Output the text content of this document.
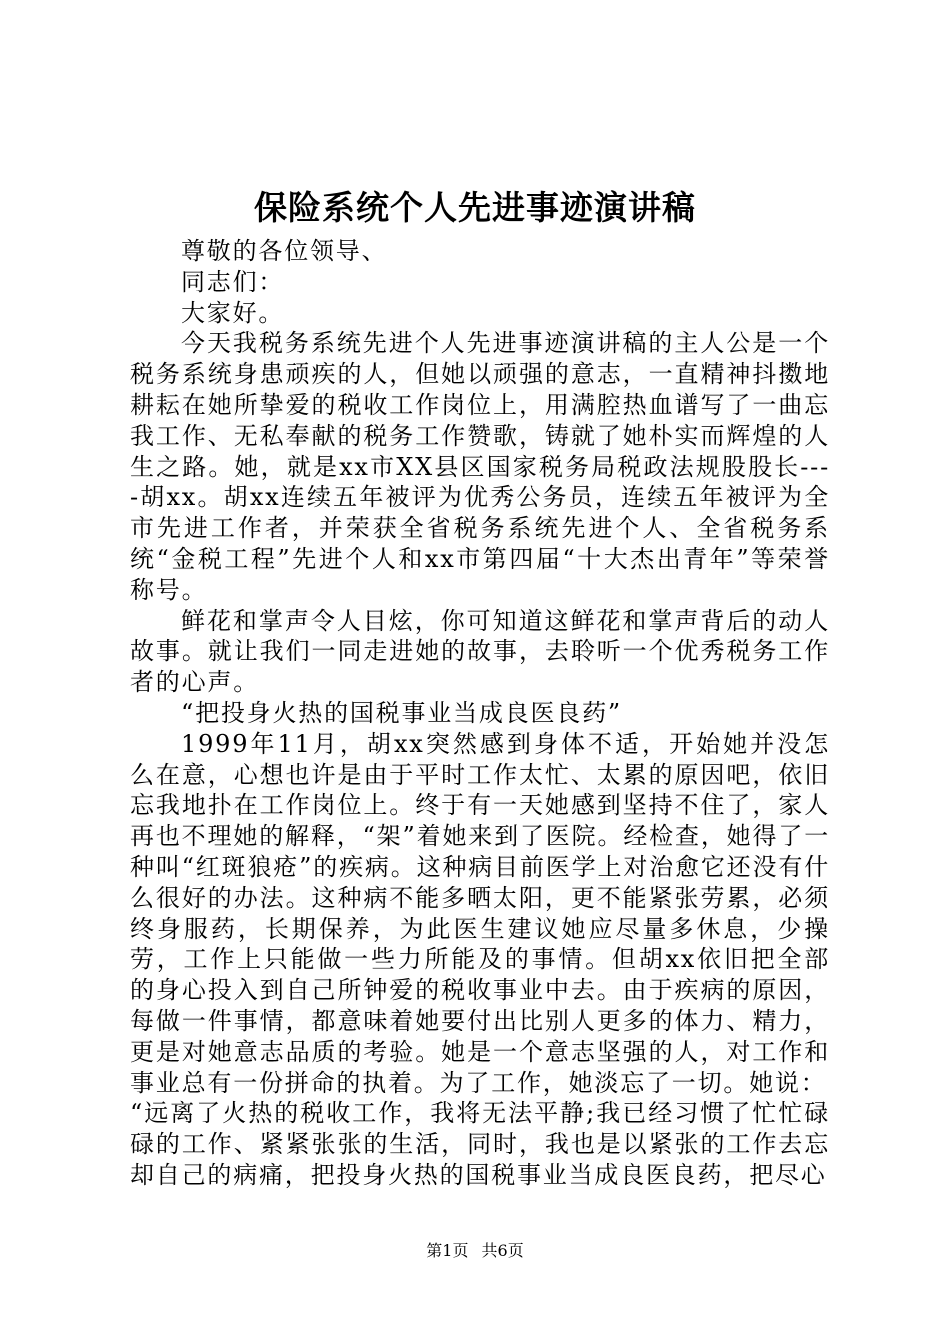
保险系统个人先进事迹演讲稿

尊敬的各位领导、

同志们：

大家好。

今天我税务系统先进个人先进事迹演讲稿的主人公是一个税务系统身患顽疾的人，但她以顽强的意志，一直精神抖擞地耕耘在她所挚爱的税收工作岗位上，用满腔热血谱写了一曲忘我工作、无私奉献的税务工作赞歌，铸就了她朴实而辉煌的人生之路。她，就是xx市XX县区国家税务局税政法规股股长----胡xx。胡xx连续五年被评为优秀公务员，连续五年被评为全市先进工作者，并荣获全省税务系统先进个人、全省税务系统“金税工程”先进个人和xx市第四届“十大杰出青年”等荣誉称号。

鲜花和掌声令人目炫，你可知道这鲜花和掌声背后的动人故事。就让我们一同走进她的故事，去聆听一个优秀税务工作者的心声。

“把投身火热的国税事业当成良医良药”

1999年11月，胡xx突然感到身体不适，开始她并没怎么在意，心想也许是由于平时工作太忙、太累的原因吧，依旧忘我地扑在工作岗位上。终于有一天她感到坚持不住了，家人再也不理她的解释，“架”着她来到了医院。经检查，她得了一种叫“红斑狼疮”的疾病。这种病目前医学上对治愈它还没有什么很好的办法。这种病不能多晒太阳，更不能紧张劳累，必须终身服药，长期保养，为此医生建议她应尽量多休息，少操劳，工作上只能做一些力所能及的事情。但胡xx依旧把全部的身心投入到自己所钟爱的税收事业中去。由于疾病的原因，每做一件事情，都意味着她要付出比别人更多的体力、精力，更是对她意志品质的考验。她是一个意志坚强的人，对工作和事业总有一份拼命的执着。为了工作，她淡忘了一切。她说：

“远离了火热的税收工作，我将无法平静;我已经习惯了忙忙碌碌的工作、紧紧张张的生活，同时，我也是以紧张的工作去忘却自己的病痛，把投身火热的国税事业当成良医良药，把尽心

第1页 共6页
